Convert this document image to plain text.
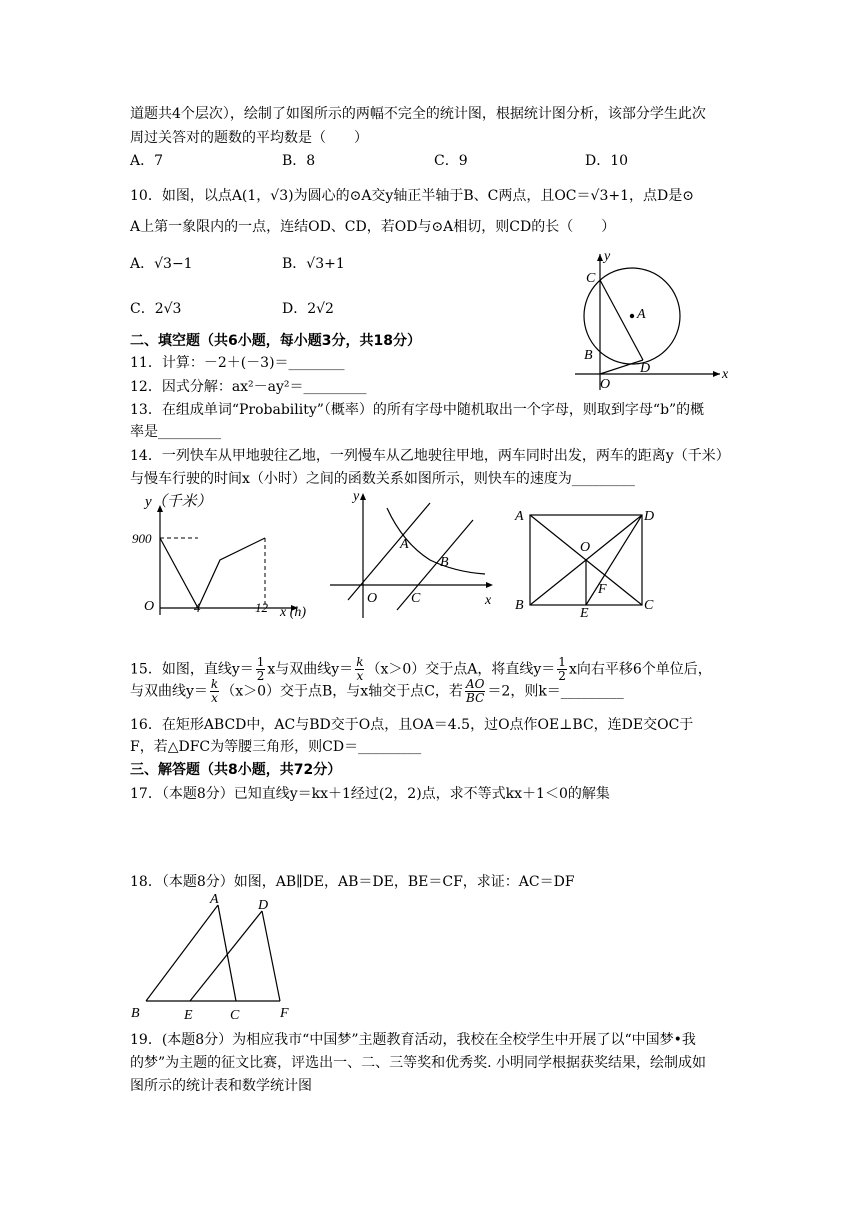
道题共4个层次），绘制了如图所示的两幅不完全的统计图，根据统计图分析，该部分学生此次
周过关答对的题数的平均数是（　　）
A．7	B．8	C．9	D．10
10．如图，以点A(1，√3)为圆心的⊙A交y轴正半轴于B、C两点，且OC＝√3+1，点D是⊙
A上第一象限内的一点，连结OD、CD，若OD与⊙A相切，则CD的长（　　）
A．√3−1	B．√3+1
C．2√3	D．2√2
C
A
B
D
O
x
y
二、填空题（共6小题，每小题3分，共18分）
11．计算：－2＋(－3)＝________
12．因式分解：ax²－ay²＝_________
13．在组成单词“Probability”（概率）的所有字母中随机取出一个字母，则取到字母“b”的概
率是_________
14．一列快车从甲地驶往乙地，一列慢车从乙地驶往甲地，两车同时出发，两车的距离y（千米）
与慢车行驶的时间x（小时）之间的函数关系如图所示，则快车的速度为_________
y（千米）
900
O	4	12 x (h)
y
A
B
O C	x
A	D
O
F
B
E
C
15．如图，直线$y= \frac{1}{2}$ x与双曲线$y= \frac{k}{x} (x>0)$交于点A，将直线$y= \frac{1}{2}$ x向右平移6个单位后，
与双曲线$y= \frac{k}{x} (x>0)$交于点B，与x轴交于点C，若 $\frac{AO}{BC} =2$，则k＝_________
16．在矩形ABCD中，AC与BD交于O点，且OA＝4.5，过O点作OE⊥BC，连DE交OC于
F，若△DFC为等腰三角形，则CD＝_________
三、解答题（共8小题，共72分）
17．（本题8分）已知直线y＝kx＋1经过(2，2)点，求不等式kx＋1＜0的解集
18．（本题8分）如图，AB∥DE，AB＝DE，BE＝CF，求证：AC＝DF
A	D
B	E	C	F
19．(本题8分）为相应我市“中国梦”主题教育活动，我校在全校学生中开展了以“中国梦•我
的梦”为主题的征文比赛，评选出一、二、三等奖和优秀奖. 小明同学根据获奖结果，绘制成如
图所示的统计表和数学统计图
